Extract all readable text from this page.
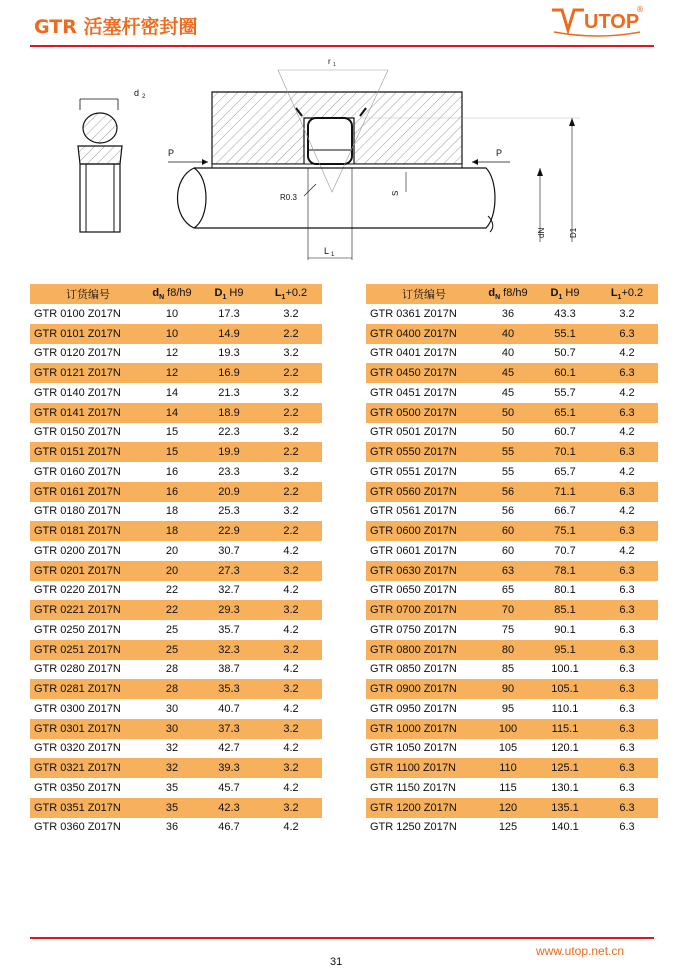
GTR 活塞杆密封圈	UTOP
®
d 2
r 1
P	P
R0.3	S
L 1
dN	D1
订货编号	$d_N$ f8/h9	$D_1$ H9	$L_1+0.2$
GTR 0100 Z017N	10	17.3	3.2
GTR 0101 Z017N	10	14.9	2.2
GTR 0120 Z017N	12	19.3	3.2
GTR 0121 Z017N	12	16.9	2.2
GTR 0140 Z017N	14	21.3	3.2
GTR 0141 Z017N	14	18.9	2.2
GTR 0150 Z017N	15	22.3	3.2
GTR 0151 Z017N	15	19.9	2.2
GTR 0160 Z017N	16	23.3	3.2
GTR 0161 Z017N	16	20.9	2.2
GTR 0180 Z017N	18	25.3	3.2
GTR 0181 Z017N	18	22.9	2.2
GTR 0200 Z017N	20	30.7	4.2
GTR 0201 Z017N	20	27.3	3.2
GTR 0220 Z017N	22	32.7	4.2
GTR 0221 Z017N	22	29.3	3.2
GTR 0250 Z017N	25	35.7	4.2
GTR 0251 Z017N	25	32.3	3.2
GTR 0280 Z017N	28	38.7	4.2
GTR 0281 Z017N	28	35.3	3.2
GTR 0300 Z017N	30	40.7	4.2
GTR 0301 Z017N	30	37.3	3.2
GTR 0320 Z017N	32	42.7	4.2
GTR 0321 Z017N	32	39.3	3.2
GTR 0350 Z017N	35	45.7	4.2
GTR 0351 Z017N	35	42.3	3.2
GTR 0360 Z017N	36	46.7	4.2
订货编号	$d_N$ f8/h9	$D_1$ H9	$L_1+0.2$
GTR 0361 Z017N	36	43.3	3.2
GTR 0400 Z017N	40	55.1	6.3
GTR 0401 Z017N	40	50.7	4.2
GTR 0450 Z017N	45	60.1	6.3
GTR 0451 Z017N	45	55.7	4.2
GTR 0500 Z017N	50	65.1	6.3
GTR 0501 Z017N	50	60.7	4.2
GTR 0550 Z017N	55	70.1	6.3
GTR 0551 Z017N	55	65.7	4.2
GTR 0560 Z017N	56	71.1	6.3
GTR 0561 Z017N	56	66.7	4.2
GTR 0600 Z017N	60	75.1	6.3
GTR 0601 Z017N	60	70.7	4.2
GTR 0630 Z017N	63	78.1	6.3
GTR 0650 Z017N	65	80.1	6.3
GTR 0700 Z017N	70	85.1	6.3
GTR 0750 Z017N	75	90.1	6.3
GTR 0800 Z017N	80	95.1	6.3
GTR 0850 Z017N	85	100.1	6.3
GTR 0900 Z017N	90	105.1	6.3
GTR 0950 Z017N	95	110.1	6.3
GTR 1000 Z017N	100	115.1	6.3
GTR 1050 Z017N	105	120.1	6.3
GTR 1100 Z017N	110	125.1	6.3
GTR 1150 Z017N	115	130.1	6.3
GTR 1200 Z017N	120	135.1	6.3
GTR 1250 Z017N	125	140.1	6.3
www.utop.net.cn
31
